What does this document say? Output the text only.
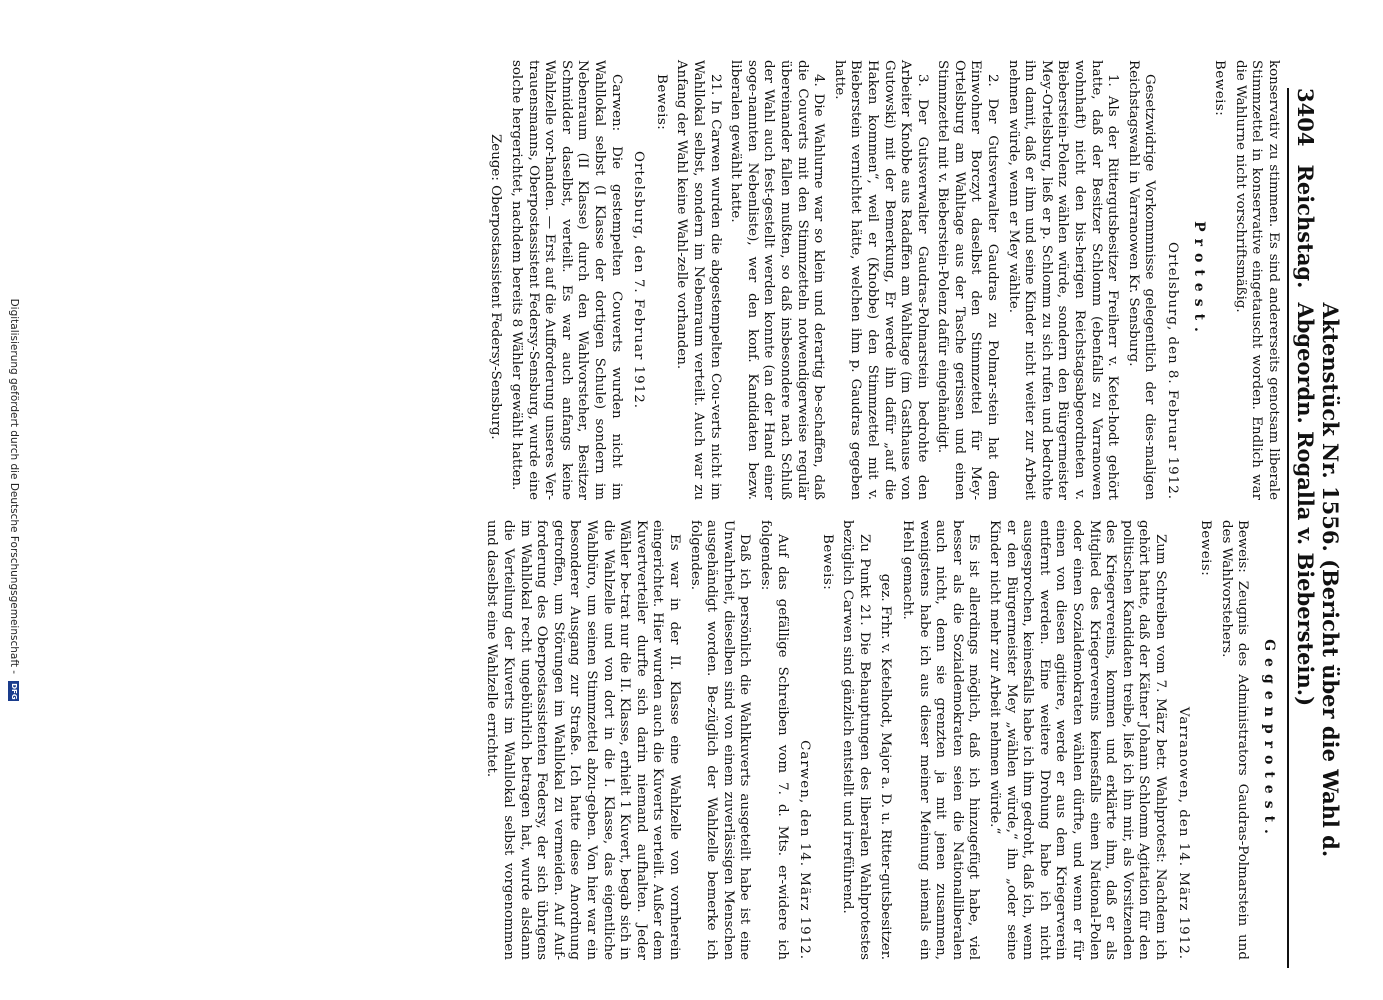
3404
Reichstag.
Aktenstück Nr. 1556. (Bericht über die Wahl d. Abgeordn. Rogalla v. Bieberstein.)

konservativ zu stimmen. Es sind andererseits genotsam liberale Stimmzettel in konservative eingetauscht worden. Endlich war die Wahlurne nicht vorschriftsmäßig.

Beweis:

Protest.
Ortelsburg, den 8. Februar 1912.

Gesetzwidrige Vorkommnisse gelegentlich der dies-maligen Reichstagswahl in Varranowen Kr. Sensburg.

1. Als der Rittergutsbesitzer Freiherr v. Ketel-hodt gehört hatte, daß der Besitzer Schlomm (ebenfalls zu Varranowen wohnhaft) nicht den bis-herigen Reichstagsabgeordneten v. Bieberstein-Polenz wählen würde, sondern den Bürgermeister Mey-Ortelsburg, ließ er p. Schlomm zu sich rufen und bedrohte ihn damit, daß er ihm und seine Kinder nicht weiter zur Arbeit nehmen würde, wenn er Mey wählte.

2. Der Gutsverwalter Gaudras zu Polmar-stein hat dem Einwohner Borczyt daselbst den Stimmzettel für Mey-Ortelsburg am Wahltage aus der Tasche gerissen und einen Stimmzettel mit v. Bieberstein-Polenz dafür eingehändigt.

3. Der Gutsverwalter Gaudras-Polmarstein bedrohte den Arbeiter Knobbe aus Radaffen am Wahltage (im Gasthause von Gutowski) mit der Bemerkung, Er werde ihn dafür „auf die Haken kommen“, weil er (Knobbe) den Stimmzettel mit v. Bieberstein vernichtet hätte, welchen ihm p. Gaudras gegeben hatte.

4. Die Wahlurne war so klein und derartig be-schaffen, daß die Couverts mit den Stimmzetteln notwendigerweise regulär übereinander fallen mußten, so daß insbesondere nach Schluß der Wahl auch fest-gestellt werden konnte (an der Hand einer soge-nannten Nebenliste), wer den konf. Kandidaten bezw. liberalen gewählt hatte.

21. In Carwen wurden die abgestempelten Cou-verts nicht im Wahllokal selbst, sondern im Nebenraum verteilt. Auch war zu Anfang der Wahl keine Wahl-zelle vorhanden.

Beweis:

Ortelsburg, den 7. Februar 1912.

Carwen: Die gestempelten Couverts wurden nicht im Wahllokal selbst (I Klasse der dortigen Schule) sondern im Nebenraum (II Klasse) durch den Wahlvorsteher, Besitzer Schmidder daselbst, verteilt. Es war auch anfangs keine Wahlzelle vor-handen. — Erst auf die Aufforderung unseres Ver-trauensmanns, Oberpostassistent Federsy-Sensburg, wurde eine solche hergerichtet, nachdem bereits 8 Wähler gewählt hatten.

Zeuge: Oberpostassistent Federsy-Sensburg.

Gegenprotest.

Beweis: Zeugnis des Administrators Gaudras-Polmarstein und des Wahlvorstehers.

Beweis:

Varranowen, den 14. März 1912.

Zum Schreiben vom 7. März betr. Wahlprotest: Nachdem ich gehört hatte, daß der Kätner Johann Schlomm Agitation für den politischen Kandidaten treibe, ließ ich ihn mir, als Vorsitzenden des Kriegervereins, kommen und erklärte ihm, daß er als Mitglied des Kriegervereins keinesfalls einen National-Polen oder einen Sozialdemokraten wählen dürfte, und wenn er für einen von diesen agitiere, werde er aus dem Kriegerverein entfernt werden. Eine weitere Drohung habe ich nicht ausgesprochen, keinesfalls habe ich ihm gedroht, daß ich, wenn er den Bürgermeister Mey „wählen würde,“ ihn „oder seine Kinder nicht mehr zur Arbeit nehmen würde.“

Es ist allerdings möglich, daß ich hinzugefügt habe, viel besser als die Sozialdemokraten seien die Nationalliberalen auch nicht, denn sie grenzten ja mit jenen zusammen, wenigstens habe ich aus dieser meiner Meinung niemals ein Hehl gemacht.

gez. Frhr. v. Ketelhodt, Major a. D. u. Ritter-gutsbesitzer.

Zu Punkt 21. Die Behauptungen des liberalen Wahlprotestes bezüglich Carwen sind gänzlich entstellt und irreführend.

Beweis:

Carwen, den 14. März 1912.

Auf das gefällige Schreiben vom 7. d. Mts. er-widere ich folgendes:

Daß ich persönlich die Wahlkuverts ausgeteilt habe ist eine Unwahrheit, dieselben sind von einem zuverlässigen Menschen ausgehändigt worden. Be-züglich der Wahlzelle bemerke ich folgendes.

Es war in der II. Klasse eine Wahlzelle von vornherein eingerichtet. Hier wurden auch die Kuverts verteilt. Außer dem Kuvertverteiler durfte sich darin niemand aufhalten. Jeder Wähler be-trat nur die II. Klasse, erhielt 1 Kuvert, begab sich in die Wahlzelle und von dort in die I. Klasse, das eigentliche Wahlbüro, um seinen Stimmzettel abzu-geben. Von hier war ein besonderer Ausgang zur Straße. Ich hatte diese Anordnung getroffen, um Störungen im Wahllokal zu vermeiden. Auf Auf-forderung des Oberpostassistenten Federsy, der sich übrigens im Wahllokal recht ungebührlich betragen hat, wurde alsdann die Verteilung der Kuverts im Wahllokal selbst vorgenommen und daselbst eine Wahlzelle errichtet.

Digitalisierung gefördert durch die Deutsche Forschungsgemeinschaft - DFG
